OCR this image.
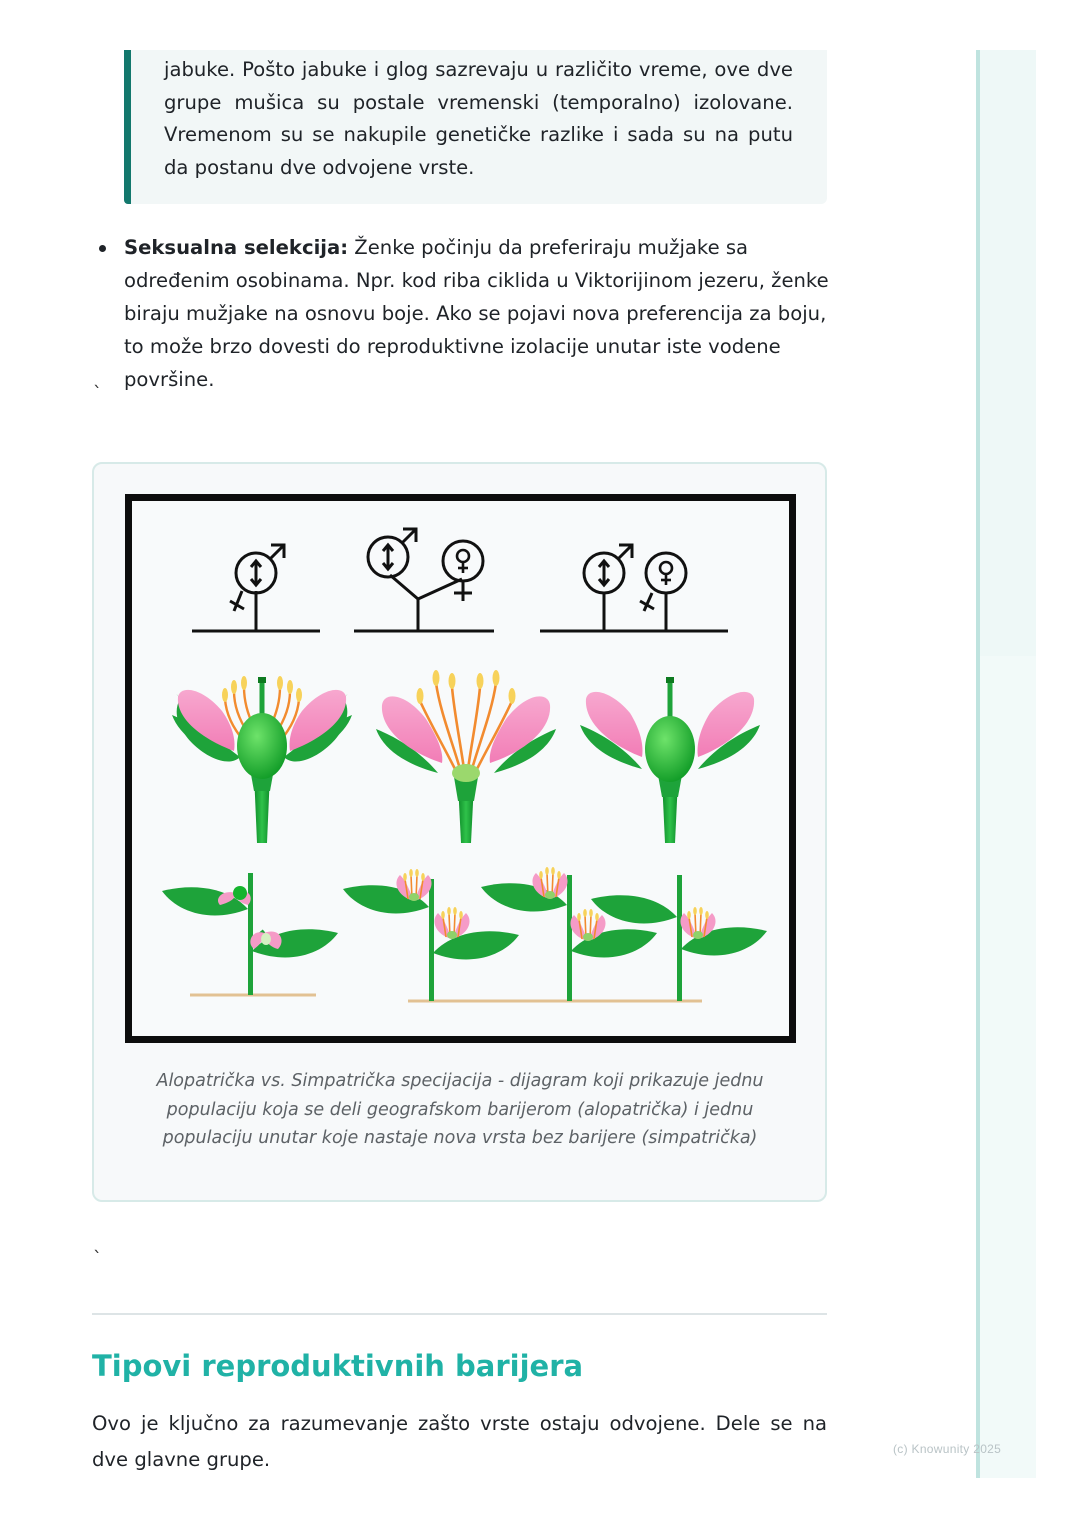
(c) Knowunity 2025
jabuke. Pošto jabuke i glog sazrevaju u različito vreme, ove dve grupe mušica su postale vremenski (temporalno) izolovane. Vremenom su se nakupile genetičke razlike i sada su na putu da postanu dve odvojene vrste.
Seksualna selekcija: Ženke počinju da preferiraju mužjake sa određenim osobinama. Npr. kod riba ciklida u Viktorijinom jezeru, ženke biraju mužjake na osnovu boje. Ako se pojavi nova preferencija za boju, to može brzo dovesti do reproduktivne izolacije unutar iste vodene površine.
`
Alopatrička vs. Simpatrička specijacija - dijagram koji prikazuje jednu populaciju koja se deli geografskom barijerom (alopatrička) i jednu populaciju unutar koje nastaje nova vrsta bez barijere (simpatrička)
`
Tipovi reproduktivnih barijera

Ovo je ključno za razumevanje zašto vrste ostaju odvojene. Dele se na dve glavne grupe.
